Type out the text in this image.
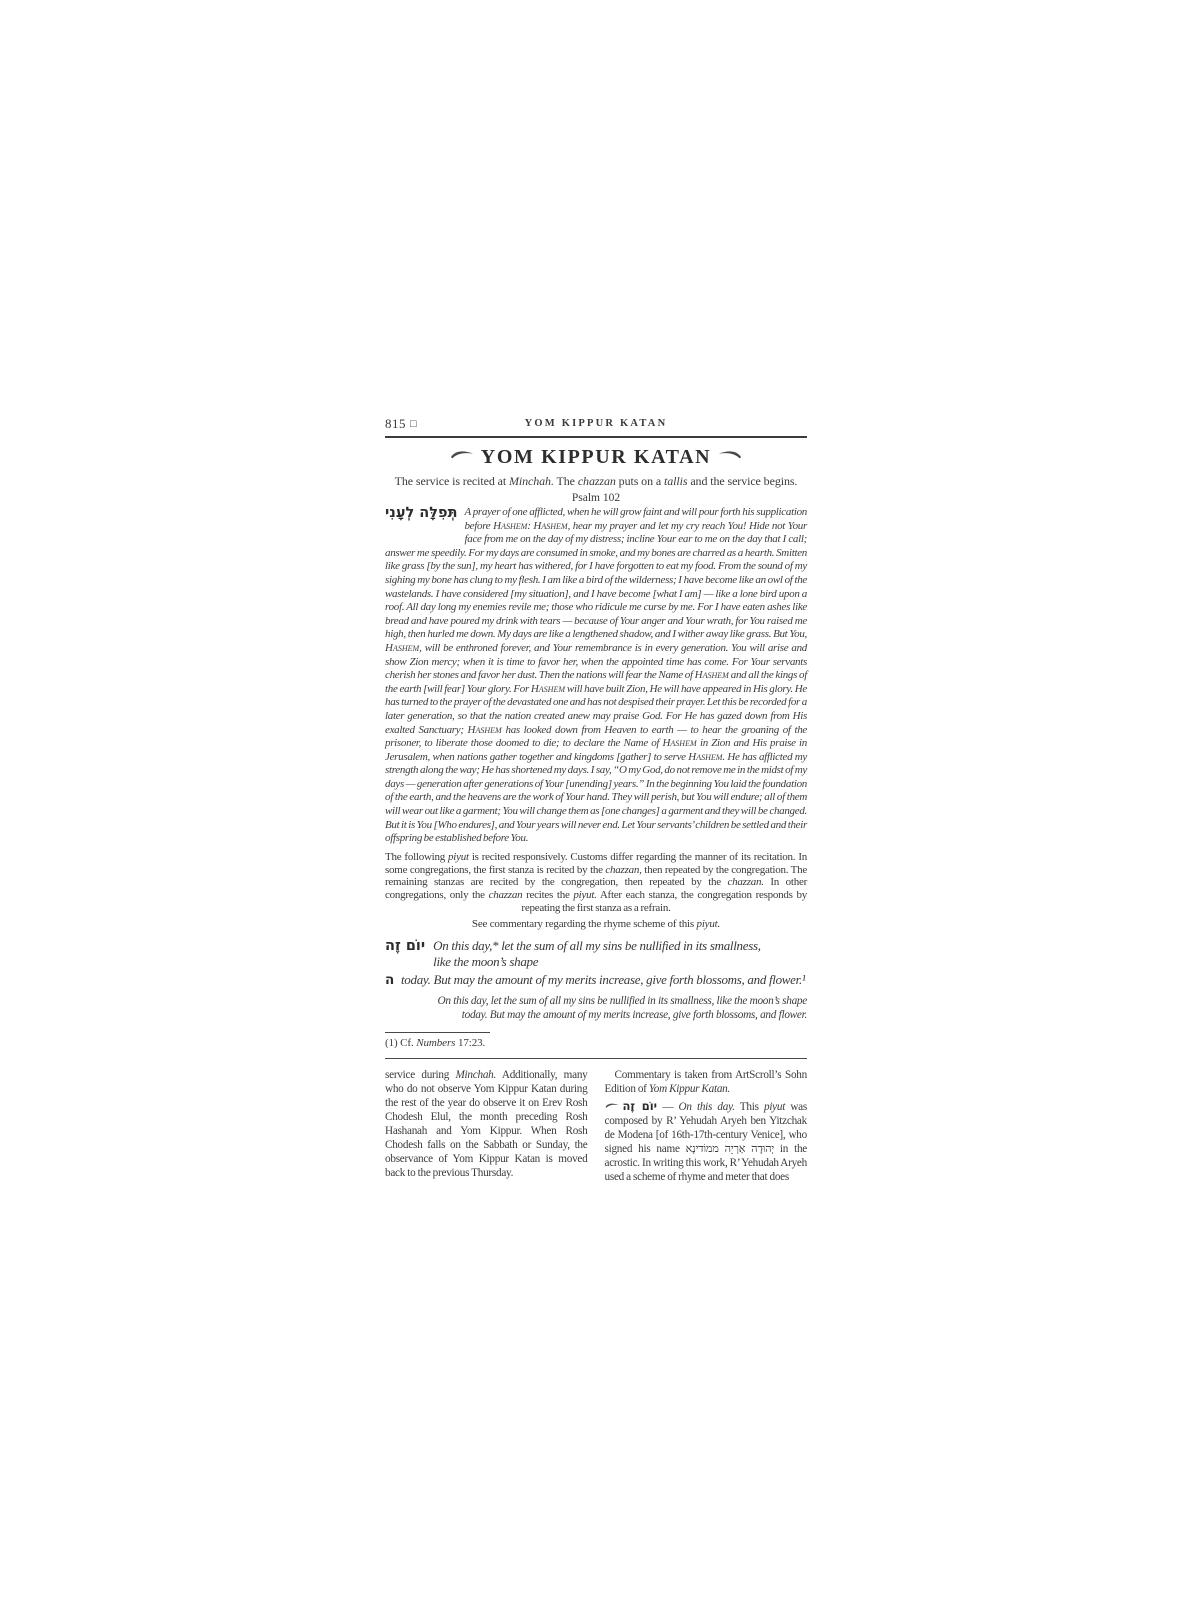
815 □	YOM KIPPUR KATAN
YOM KIPPUR KATAN
The service is recited at Minchah. The chazzan puts on a tallis and the service begins.
Psalm 102
תְּפִלָּה לְעָנִי A prayer of one afflicted, when he will grow faint and will pour forth his supplication before Hashem: Hashem, hear my prayer and let my cry reach You! Hide not Your face from me on the day of my distress; incline Your ear to me on the day that I call; answer me speedily. For my days are consumed in smoke, and my bones are charred as a hearth. Smitten like grass [by the sun], my heart has withered, for I have forgotten to eat my food. From the sound of my sighing my bone has clung to my flesh. I am like a bird of the wilderness; I have become like an owl of the wastelands. I have considered [my situation], and I have become [what I am] — like a lone bird upon a roof. All day long my enemies revile me; those who ridicule me curse by me. For I have eaten ashes like bread and have poured my drink with tears — because of Your anger and Your wrath, for You raised me high, then hurled me down. My days are like a lengthened shadow, and I wither away like grass. But You, Hashem, will be enthroned forever, and Your remembrance is in every generation. You will arise and show Zion mercy; when it is time to favor her, when the appointed time has come. For Your servants cherish her stones and favor her dust. Then the nations will fear the Name of Hashem and all the kings of the earth [will fear] Your glory. For Hashem will have built Zion, He will have appeared in His glory. He has turned to the prayer of the devastated one and has not despised their prayer. Let this be recorded for a later generation, so that the nation created anew may praise God. For He has gazed down from His exalted Sanctuary; Hashem has looked down from Heaven to earth — to hear the groaning of the prisoner, to liberate those doomed to die; to declare the Name of Hashem in Zion and His praise in Jerusalem, when nations gather together and kingdoms [gather] to serve Hashem. He has afflicted my strength along the way; He has shortened my days. I say, “O my God, do not remove me in the midst of my days — generation after generations of Your [unending] years.” In the beginning You laid the foundation of the earth, and the heavens are the work of Your hand. They will perish, but You will endure; all of them will wear out like a garment; You will change them as [one changes] a garment and they will be changed. But it is You [Who endures], and Your years will never end. Let Your servants’ children be settled and their offspring be established before You.
The following piyut is recited responsively. Customs differ regarding the manner of its recitation. In some congregations, the first stanza is recited by the chazzan, then repeated by the congregation. The remaining stanzas are recited by the congregation, then repeated by the chazzan. In other congregations, only the chazzan recites the piyut. After each stanza, the congregation responds by repeating the first stanza as a refrain.
See commentary regarding the rhyme scheme of this piyut.
יוֹם זֶה On this day,* let the sum of all my sins be nullified in its smallness,
like the moon’s shape
ה today. But may the amount of my merits increase, give forth blossoms, and flower.¹
On this day, let the sum of all my sins be nullified in its smallness, like the moon’s shape
today. But may the amount of my merits increase, give forth blossoms, and flower.
(1) Cf. Numbers 17:23.

service during Minchah. Additionally, many who do not observe Yom Kippur Katan during the rest of the year do observe it on Erev Rosh Chodesh Elul, the month preceding Rosh Hashanah and Yom Kippur. When Rosh Chodesh falls on the Sabbath or Sunday, the observance of Yom Kippur Katan is moved back to the previous Thursday.

Commentary is taken from ArtScroll’s Sohn Edition of Yom Kippur Katan.

יוֹם זֶה — On this day. This piyut was composed by R’ Yehudah Aryeh ben Yitzchak de Modena [of 16th-17th-century Venice], who signed his name יְהוּדָה אַרְיֵה ממוֹדינָא in the acrostic. In writing this work, R’ Yehudah Aryeh used a scheme of rhyme and meter that does
